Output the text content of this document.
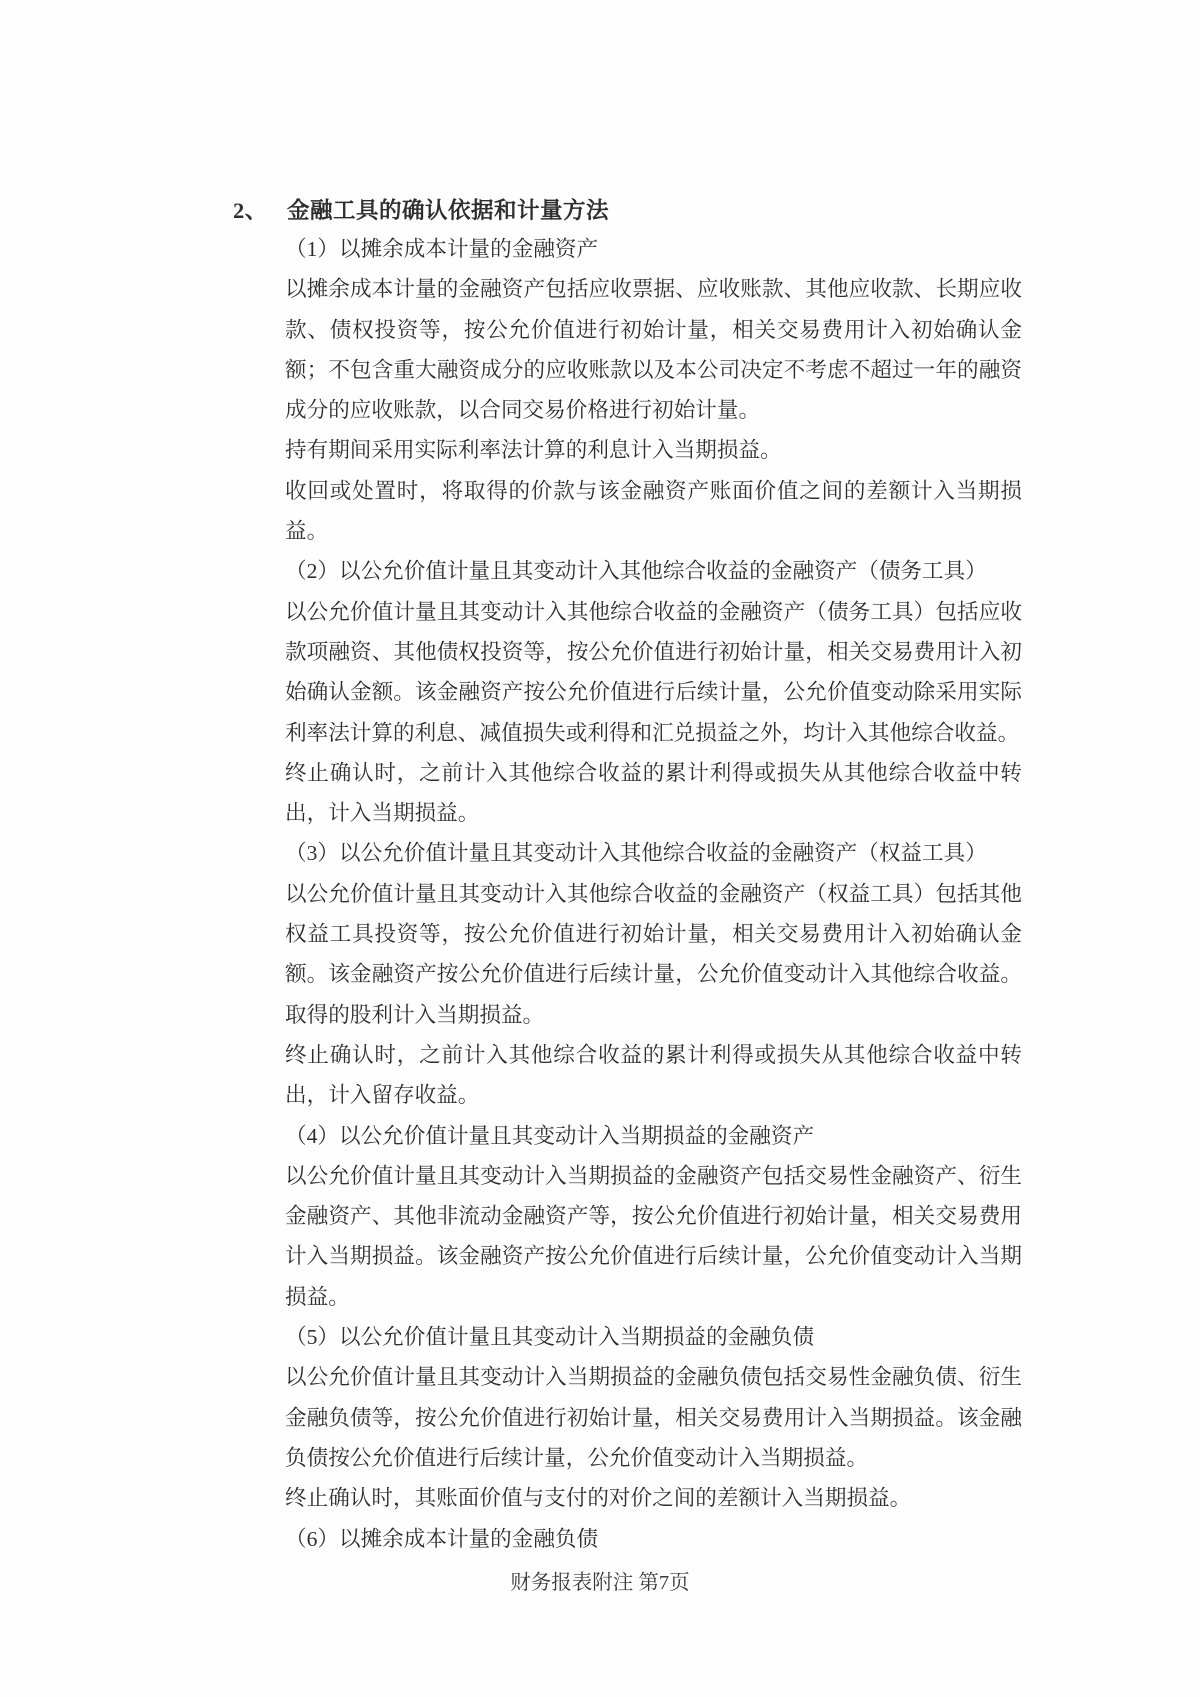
2、 金融工具的确认依据和计量方法
（1）以摊余成本计量的金融资产
以摊余成本计量的金融资产包括应收票据、应收账款、其他应收款、长期应收款、债权投资等，按公允价值进行初始计量，相关交易费用计入初始确认金额；不包含重大融资成分的应收账款以及本公司决定不考虑不超过一年的融资成分的应收账款，以合同交易价格进行初始计量。
持有期间采用实际利率法计算的利息计入当期损益。
收回或处置时，将取得的价款与该金融资产账面价值之间的差额计入当期损益。
（2）以公允价值计量且其变动计入其他综合收益的金融资产（债务工具）
以公允价值计量且其变动计入其他综合收益的金融资产（债务工具）包括应收款项融资、其他债权投资等，按公允价值进行初始计量，相关交易费用计入初始确认金额。该金融资产按公允价值进行后续计量，公允价值变动除采用实际利率法计算的利息、减值损失或利得和汇兑损益之外，均计入其他综合收益。
终止确认时，之前计入其他综合收益的累计利得或损失从其他综合收益中转出，计入当期损益。
（3）以公允价值计量且其变动计入其他综合收益的金融资产（权益工具）
以公允价值计量且其变动计入其他综合收益的金融资产（权益工具）包括其他权益工具投资等，按公允价值进行初始计量，相关交易费用计入初始确认金额。该金融资产按公允价值进行后续计量，公允价值变动计入其他综合收益。取得的股利计入当期损益。
终止确认时，之前计入其他综合收益的累计利得或损失从其他综合收益中转出，计入留存收益。
（4）以公允价值计量且其变动计入当期损益的金融资产
以公允价值计量且其变动计入当期损益的金融资产包括交易性金融资产、衍生金融资产、其他非流动金融资产等，按公允价值进行初始计量，相关交易费用计入当期损益。该金融资产按公允价值进行后续计量，公允价值变动计入当期损益。
（5）以公允价值计量且其变动计入当期损益的金融负债
以公允价值计量且其变动计入当期损益的金融负债包括交易性金融负债、衍生金融负债等，按公允价值进行初始计量，相关交易费用计入当期损益。该金融负债按公允价值进行后续计量，公允价值变动计入当期损益。
终止确认时，其账面价值与支付的对价之间的差额计入当期损益。
（6）以摊余成本计量的金融负债
财务报表附注 第7页
